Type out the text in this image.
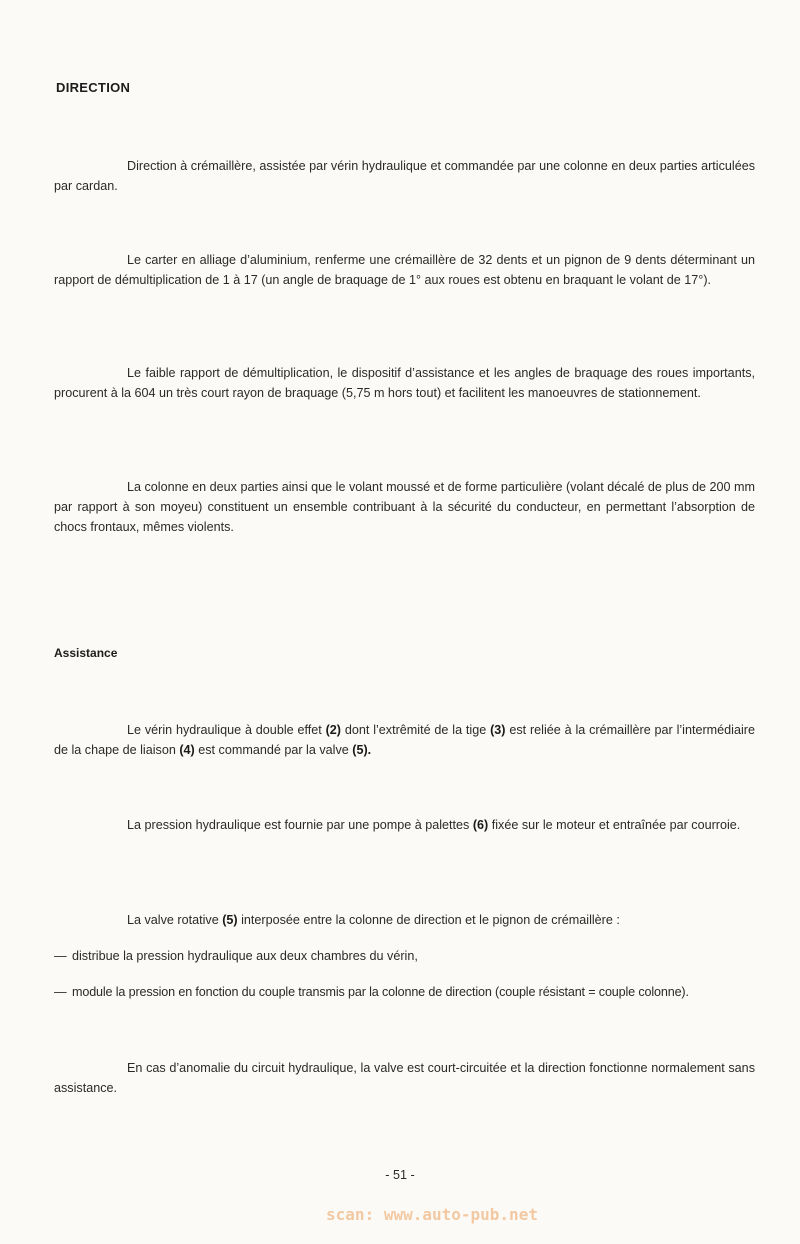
DIRECTION

Direction à crémaillère, assistée par vérin hydraulique et commandée par une colonne en deux parties articulées par cardan.

Le carter en alliage d’aluminium, renferme une crémaillère de 32 dents et un pignon de 9 dents déterminant un rapport de démultiplication de 1 à 17 (un angle de braquage de 1° aux roues est obtenu en braquant le volant de 17°).

Le faible rapport de démultiplication, le dispositif d’assistance et les angles de braquage des roues importants, procurent à la 604 un très court rayon de braquage (5,75 m hors tout) et facilitent les manoeuvres de stationnement.

La colonne en deux parties ainsi que le volant moussé et de forme particulière (volant décalé de plus de 200 mm par rapport à son moyeu) constituent un ensemble contribuant à la sécurité du conducteur, en permettant l’absorption de chocs frontaux, mêmes violents.

Assistance

Le vérin hydraulique à double effet (2) dont l’extrêmité de la tige (3) est reliée à la crémaillère par l’intermédiaire de la chape de liaison (4) est commandé par la valve (5).

La pression hydraulique est fournie par une pompe à palettes (6) fixée sur le moteur et entraînée par courroie.

La valve rotative (5) interposée entre la colonne de direction et le pignon de crémaillère :

— distribue la pression hydraulique aux deux chambres du vérin,

— module la pression en fonction du couple transmis par la colonne de direction (couple résistant = couple colonne).

En cas d’anomalie du circuit hydraulique, la valve est court-circuitée et la direction fonctionne normalement sans assistance.

- 51 -

scan: www.auto-pub.net
